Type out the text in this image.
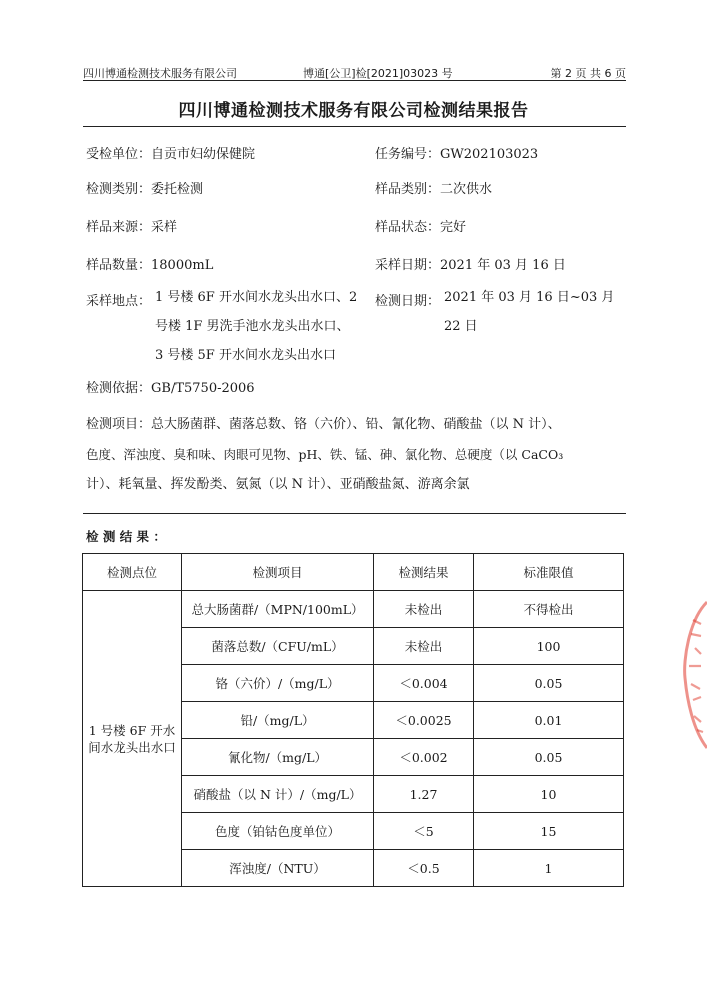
四川博通检测技术服务有限公司	博通[公卫]检[2021]03023 号	第 2 页 共 6 页
四川博通检测技术服务有限公司检测结果报告
受检单位：自贡市妇幼保健院	任务编号：GW202103023
检测类别：委托检测	样品类别：二次供水
样品来源：采样	样品状态：完好
样品数量：18000mL	采样日期：2021 年 03 月 16 日
采样地点： 1 号楼 6F 开水间水龙头出水口、2
号楼 1F 男洗手池水龙头出水口、
3 号楼 5F 开水间水龙头出水口
检测日期： 2021 年 03 月 16 日~03 月
22 日
检测依据：GB/T5750-2006
检测项目：总大肠菌群、菌落总数、铬（六价）、铅、氰化物、硝酸盐（以 N 计）、
色度、浑浊度、臭和味、肉眼可见物、pH、铁、锰、砷、氯化物、总硬度（以 CaCO₃
计）、耗氧量、挥发酚类、氨氮（以 N 计）、亚硝酸盐氮、游离余氯
检 测 结 果 ：
检测点位	检测项目	检测结果	标准限值
1 号楼 6F 开水间水龙头出水口	总大肠菌群/（MPN/100mL）	未检出	不得检出
	菌落总数/（CFU/mL）	未检出	100
	铬（六价）/（mg/L）	＜0.004	0.05
	铅/（mg/L）	＜0.0025	0.01
	氰化物/（mg/L）	＜0.002	0.05
	硝酸盐（以 N 计）/（mg/L）	1.27	10
	色度（铂钴色度单位）	＜5	15
	浑浊度/（NTU）	＜0.5	1
